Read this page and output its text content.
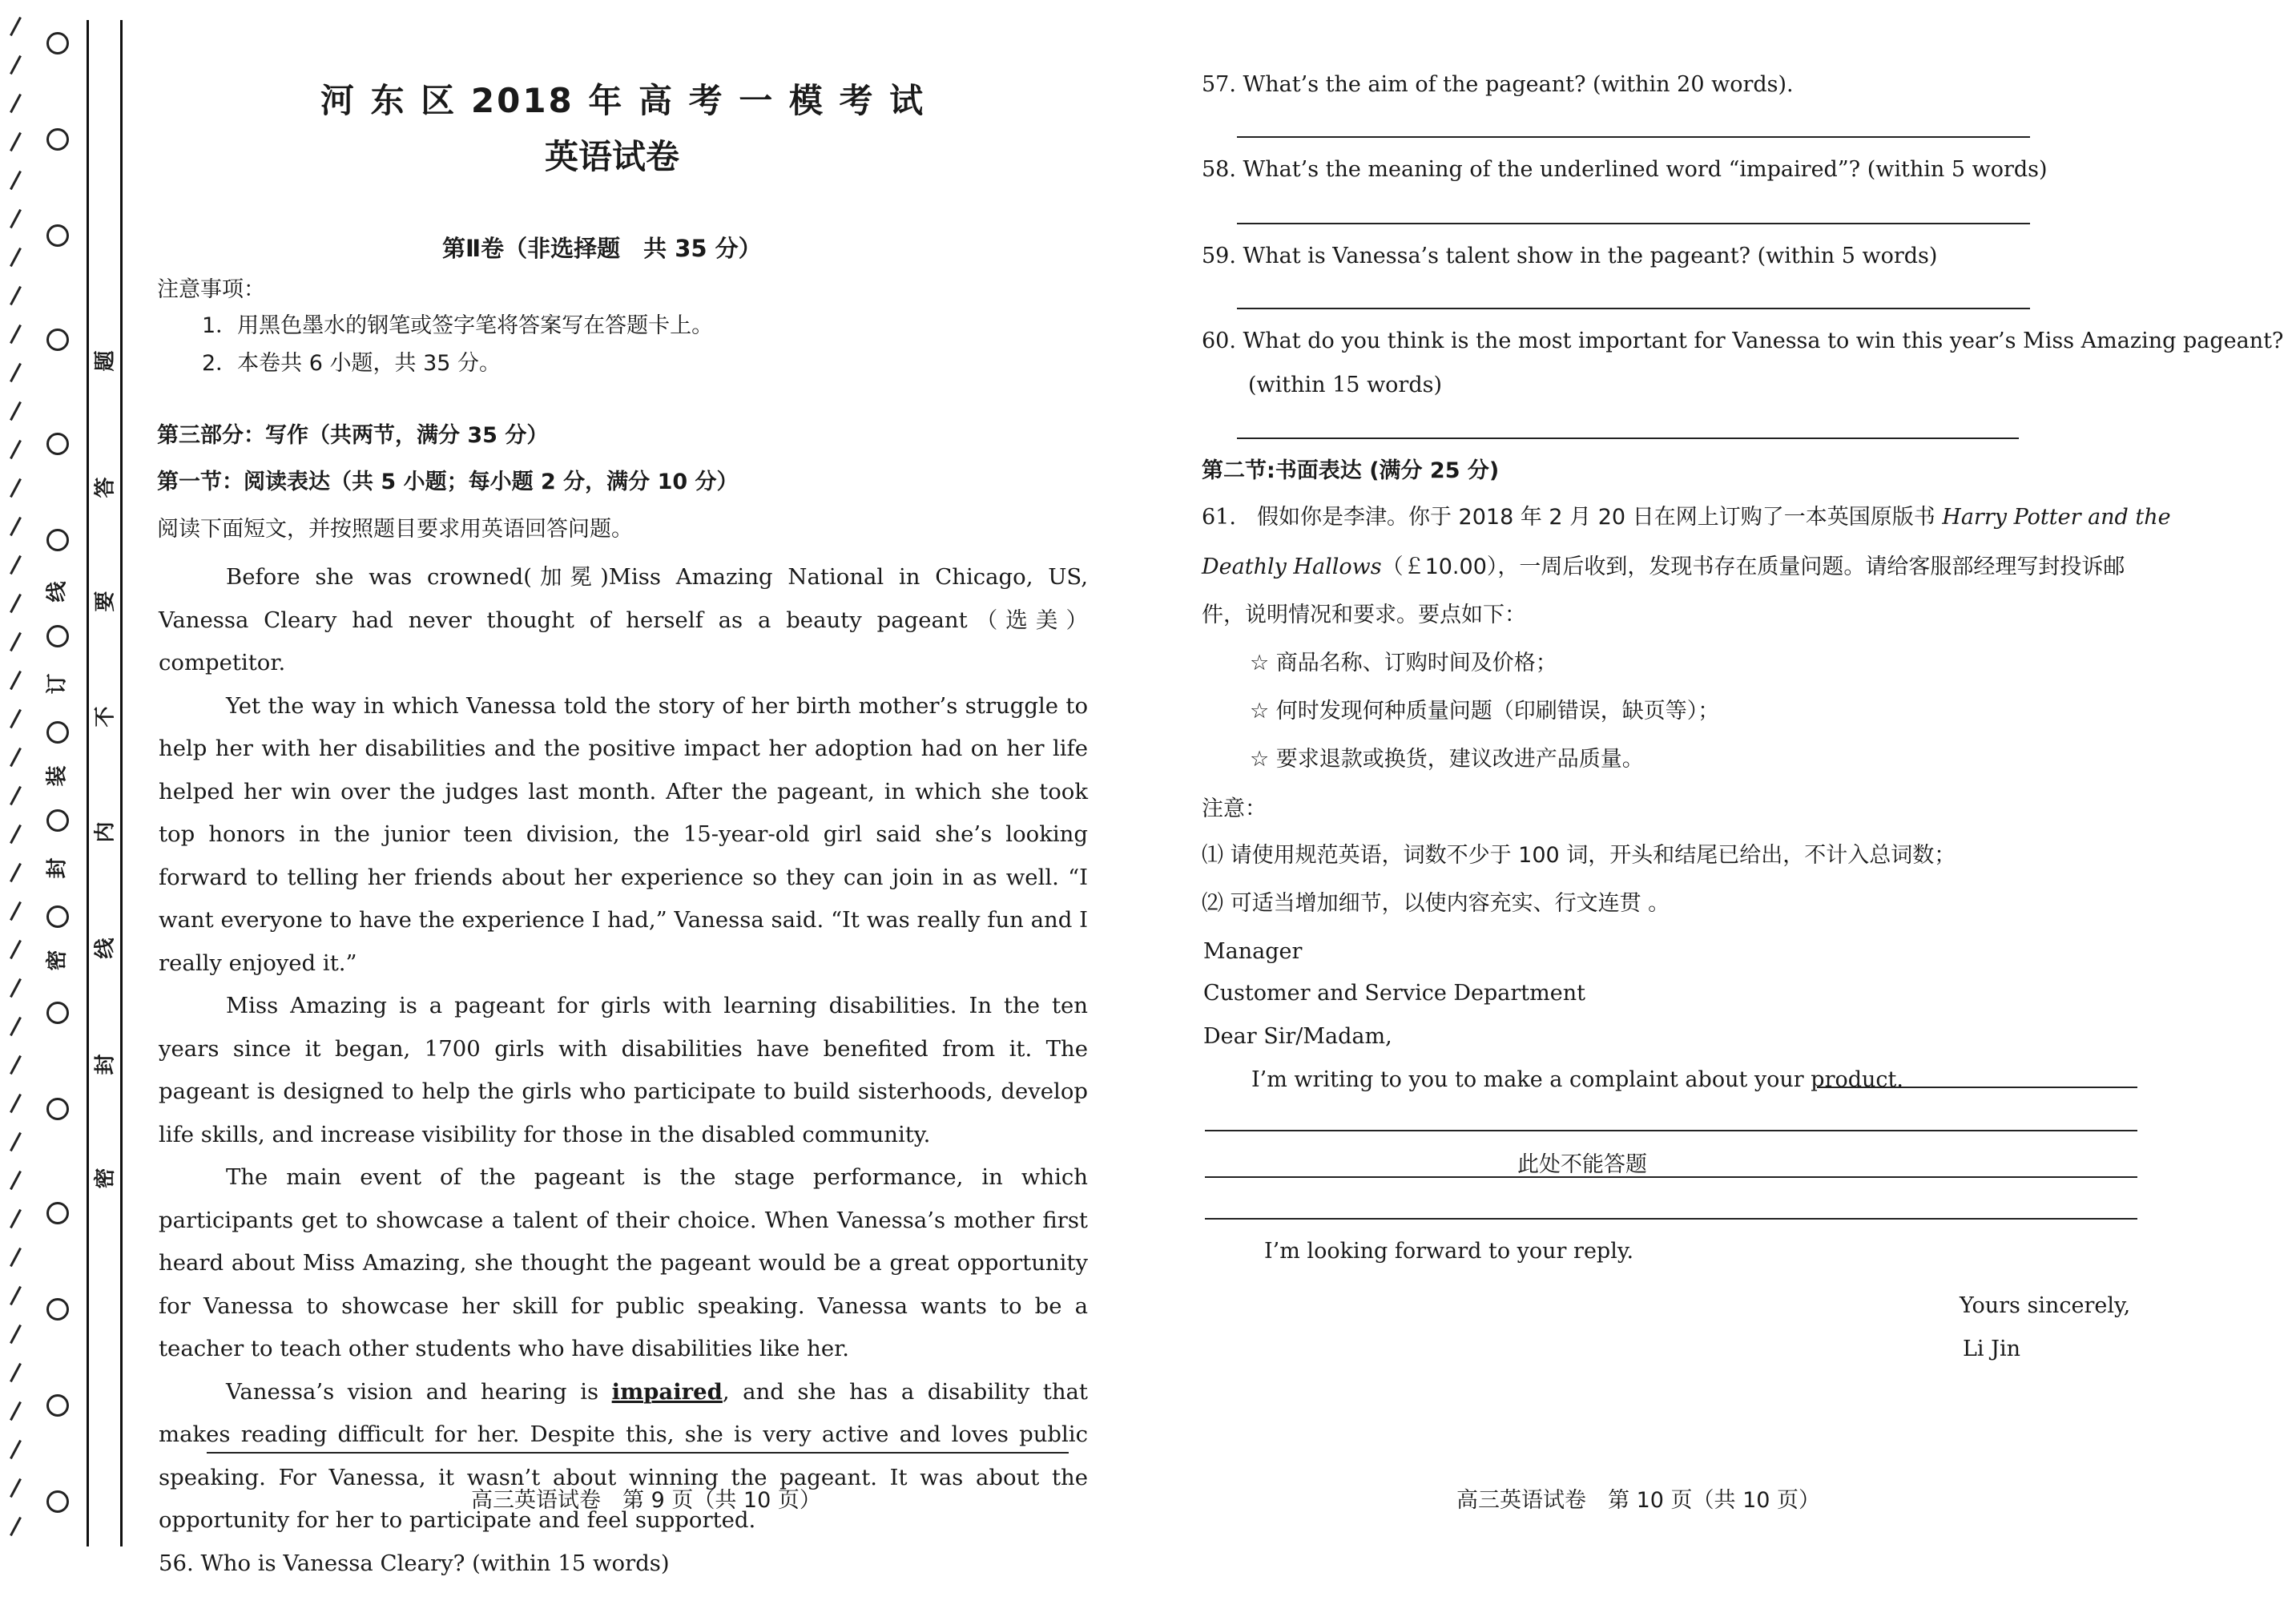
线
订
装
封
密
题
答
要
不
内
线
封
密
河 东 区 2018 年 高 考 一 模 考 试
英语试卷
第Ⅱ卷（非选择题　共 35 分）
注意事项：
1．用黑色墨水的钢笔或签字笔将答案写在答题卡上。
2．本卷共 6 小题，共 35 分。
第三部分：写作（共两节，满分 35 分）
第一节：阅读表达（共 5 小题；每小题 2 分，满分 10 分）
阅读下面短文，并按照题目要求用英语回答问题。

Before she was crowned(加冕)Miss Amazing National in Chicago, US, Vanessa Cleary had never thought of herself as a beauty pageant（选美）competitor.

Yet the way in which Vanessa told the story of her birth mother’s struggle to help her with her disabilities and the positive impact her adoption had on her life helped her win over the judges last month. After the pageant, in which she took top honors in the junior teen division, the 15-year-old girl said she’s looking forward to telling her friends about her experience so they can join in as well. “I want everyone to have the experience I had,” Vanessa said. “It was really fun and I really enjoyed it.”

Miss Amazing is a pageant for girls with learning disabilities. In the ten years since it began, 1700 girls with disabilities have benefited from it. The pageant is designed to help the girls who participate to build sisterhoods, develop life skills, and increase visibility for those in the disabled community.

The main event of the pageant is the stage performance, in which participants get to showcase a talent of their choice. When Vanessa’s mother first heard about Miss Amazing, she thought the pageant would be a great opportunity for Vanessa to showcase her skill for public speaking. Vanessa wants to be a teacher to teach other students who have disabilities like her.

Vanessa’s vision and hearing is impaired, and she has a disability that makes reading difficult for her. Despite this, she is very active and loves public speaking. For Vanessa, it wasn’t about winning the pageant. It was about the opportunity for her to participate and feel supported.

56. Who is Vanessa Cleary? (within 15 words)

高三英语试卷　第 9 页（共 10 页）
57. What’s the aim of the pageant? (within 20 words).
58. What’s the meaning of the underlined word “impaired”? (within 5 words)
59. What is Vanessa’s talent show in the pageant? (within 5 words)
60. What do you think is the most important for Vanessa to win this year’s Miss Amazing pageant?
(within 15 words)
第二节:书面表达 (满分 25 分)
61. 假如你是李津。你于 2018 年 2 月 20 日在网上订购了一本英国原版书 Harry Potter and the
Deathly Hallows（￡10.00），一周后收到，发现书存在质量问题。请给客服部经理写封投诉邮
件，说明情况和要求。要点如下：
☆ 商品名称、订购时间及价格；
☆ 何时发现何种质量问题（印刷错误，缺页等）；
☆ 要求退款或换货，建议改进产品质量。
注意：
⑴ 请使用规范英语，词数不少于 100 词，开头和结尾已给出，不计入总词数；
⑵ 可适当增加细节，以使内容充实、行文连贯 。
Manager
Customer and Service Department
Dear Sir/Madam,
I’m writing to you to make a complaint about your product.
此处不能答题
I’m looking forward to your reply.
Yours sincerely,
Li Jin
高三英语试卷　第 10 页（共 10 页）
